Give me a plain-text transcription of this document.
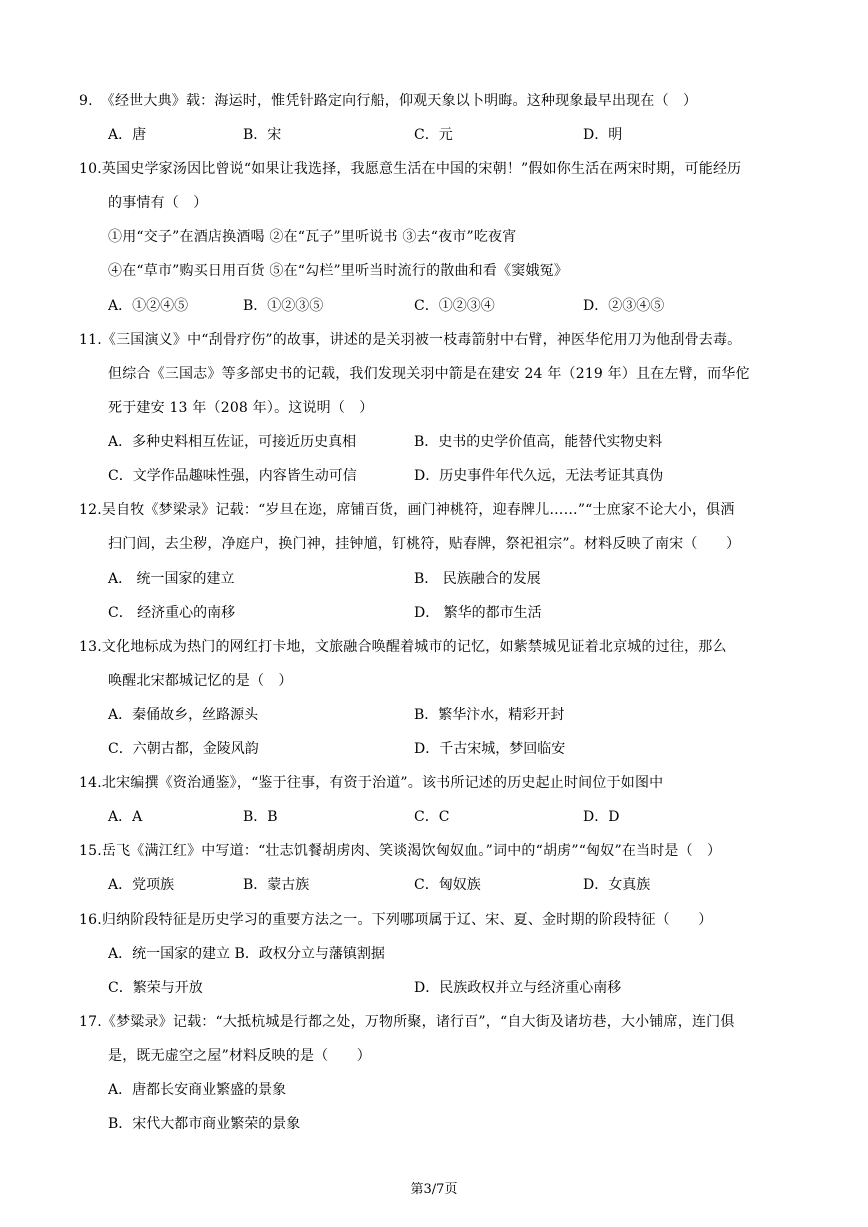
9. 《经世大典》载：海运时，惟凭针路定向行船，仰观天象以卜明晦。这种现象最早出现在（　）
A．唐	B．宋	C．元	D．明
10.英国史学家汤因比曾说“如果让我选择，我愿意生活在中国的宋朝！”假如你生活在两宋时期，可能经历
的事情有（　）
①用“交子”在酒店换酒喝 ②在“瓦子”里听说书 ③去“夜市”吃夜宵
④在“草市”购买日用百货 ⑤在“勾栏”里听当时流行的散曲和看《窦娥冤》
A．①②④⑤	B．①②③⑤	C．①②③④	D．②③④⑤
11.《三国演义》中“刮骨疗伤”的故事，讲述的是关羽被一枝毒箭射中右臂，神医华佗用刀为他刮骨去毒。
但综合《三国志》等多部史书的记载，我们发现关羽中箭是在建安 24 年（219 年）且在左臂，而华佗
死于建安 13 年（208 年）。这说明（　）
A．多种史料相互佐证，可接近历史真相	B．史书的史学价值高，能替代实物史料
C．文学作品趣味性强，内容皆生动可信	D．历史事件年代久远，无法考证其真伪
12.吴自牧《梦梁录》记载：“岁旦在迩，席铺百货，画门神桃符，迎春牌儿……”“士庶家不论大小，俱洒
扫门闾，去尘秽，净庭户，换门神，挂钟馗，钉桃符，贴春牌，祭祀祖宗”。材料反映了南宋（　　）
A． 统一国家的建立	B． 民族融合的发展
C． 经济重心的南移	D． 繁华的都市生活
13.文化地标成为热门的网红打卡地，文旅融合唤醒着城市的记忆，如紫禁城见证着北京城的过往，那么
唤醒北宋都城记忆的是（　）
A．秦俑故乡，丝路源头	B．繁华汴水，精彩开封
C．六朝古都，金陵风韵	D．千古宋城，梦回临安
14.北宋编撰《资治通鉴》，“鉴于往事，有资于治道”。该书所记述的历史起止时间位于如图中
A．A	B．B	C．C	D．D
15.岳飞《满江红》中写道：“壮志饥餐胡虏肉、笑谈渴饮匈奴血。”词中的“胡虏”“匈奴”在当时是（　）
A．党项族	B．蒙古族	C．匈奴族	D．女真族
16.归纳阶段特征是历史学习的重要方法之一。下列哪项属于辽、宋、夏、金时期的阶段特征（　　）
A．统一国家的建立 B．政权分立与藩镇割据
C．繁荣与开放	D．民族政权并立与经济重心南移
17.《梦粱录》记载：“大抵杭城是行都之处，万物所聚，诸行百”，“自大街及诸坊巷，大小铺席，连门俱
是，既无虚空之屋”材料反映的是（　　）
A．唐都长安商业繁盛的景象
B．宋代大都市商业繁荣的景象
第3/7页
